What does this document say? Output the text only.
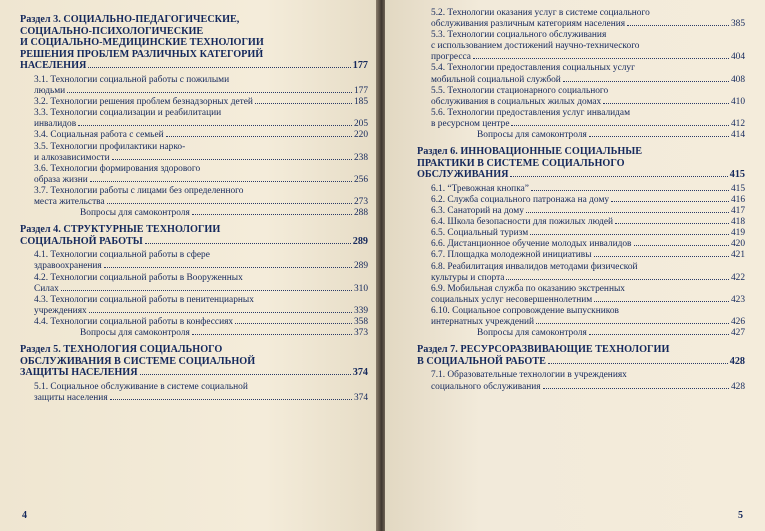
Раздел 3. СОЦИАЛЬНО-ПЕДАГОГИЧЕСКИЕ,
СОЦИАЛЬНО-ПСИХОЛОГИЧЕСКИЕ
И СОЦИАЛЬНО-МЕДИЦИНСКИЕ ТЕХНОЛОГИИ
РЕШЕНИЯ ПРОБЛЕМ РАЗЛИЧНЫХ КАТЕГОРИЙ
НАСЕЛЕНИЯ	177
3.1. Технологии социальной работы с пожилыми
людьми	177
3.2. Технологии решения проблем безнадзорных детей	185
3.3. Технологии социализации и реабилитации
инвалидов	205
3.4. Социальная работа с семьей	220
3.5. Технологии профилактики нарко-
и алкозависимости	238
3.6. Технологии формирования здорового
образа жизни	256
3.7. Технологии работы с лицами без определенного
места жительства	273
Вопросы для самоконтроля	288
Раздел 4. СТРУКТУРНЫЕ ТЕХНОЛОГИИ
СОЦИАЛЬНОЙ РАБОТЫ	289
4.1. Технологии социальной работы в сфере
здравоохранения	289
4.2. Технологии социальной работы в Вооруженных
Силах	310
4.3. Технологии социальной работы в пенитенциарных
учреждениях	339
4.4. Технологии социальной работы в конфессиях	358
Вопросы для самоконтроля	373
Раздел 5. ТЕХНОЛОГИЯ СОЦИАЛЬНОГО
ОБСЛУЖИВАНИЯ В СИСТЕМЕ СОЦИАЛЬНОЙ
ЗАЩИТЫ НАСЕЛЕНИЯ	374
5.1. Социальное обслуживание в системе социальной
защиты населения	374
5.2. Технологии оказания услуг в системе социального
обслуживания различным категориям населения	385
5.3. Технологии социального обслуживания
с использованием достижений научно-технического
прогресса	404
5.4. Технологии предоставления социальных услуг
мобильной социальной службой	408
5.5. Технологии стационарного социального
обслуживания в социальных жилых домах	410
5.6. Технологии предоставления услуг инвалидам
в ресурсном центре	412
Вопросы для самоконтроля	414
Раздел 6. ИННОВАЦИОННЫЕ СОЦИАЛЬНЫЕ
ПРАКТИКИ В СИСТЕМЕ СОЦИАЛЬНОГО
ОБСЛУЖИВАНИЯ	415
6.1. “Тревожная кнопка”	415
6.2. Служба социального патронажа на дому	416
6.3. Санаторий на дому	417
6.4. Школа безопасности для пожилых людей	418
6.5. Социальный туризм	419
6.6. Дистанционное обучение молодых инвалидов	420
6.7. Площадка молодежной инициативы	421
6.8. Реабилитация инвалидов методами физической
культуры и спорта	422
6.9. Мобильная служба по оказанию экстренных
социальных услуг несовершеннолетним	423
6.10. Социальное сопровождение выпускников
интернатных учреждений	426
Вопросы для самоконтроля	427
Раздел 7. РЕСУРСОРАЗВИВАЮЩИЕ ТЕХНОЛОГИИ
В СОЦИАЛЬНОЙ РАБОТЕ	428
7.1. Образовательные технологии в учреждениях
социального обслуживания	428
4	5
